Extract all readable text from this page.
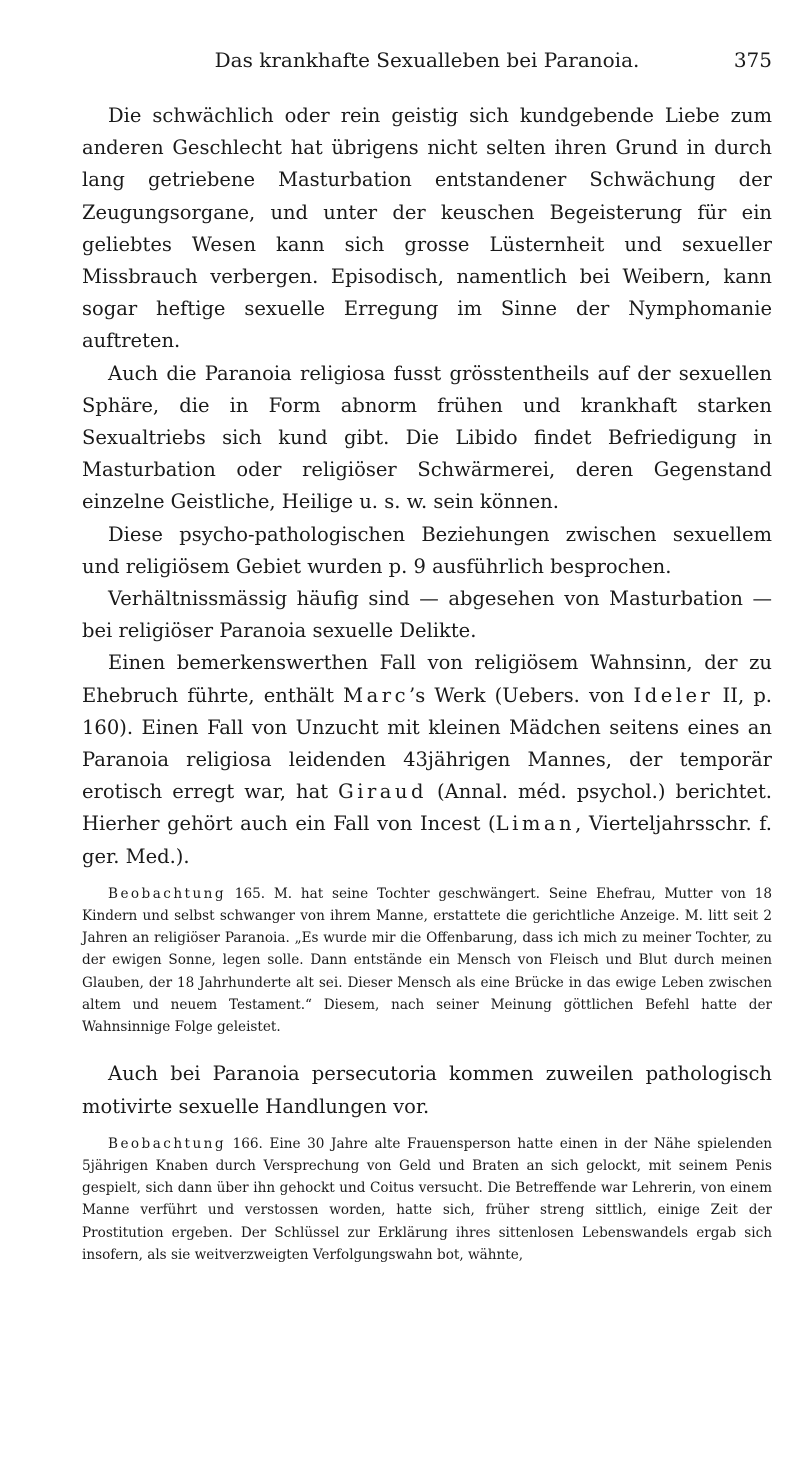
Das krankhafte Sexualleben bei Paranoia.	375

Die schwächlich oder rein geistig sich kundgebende Liebe zum anderen Geschlecht hat übrigens nicht selten ihren Grund in durch lang getriebene Masturbation entstandener Schwächung der Zeugungsorgane, und unter der keuschen Begeisterung für ein geliebtes Wesen kann sich grosse Lüsternheit und sexueller Missbrauch verbergen. Episodisch, namentlich bei Weibern, kann sogar heftige sexuelle Erregung im Sinne der Nymphomanie auftreten.

Auch die Paranoia religiosa fusst grösstentheils auf der sexuellen Sphäre, die in Form abnorm frühen und krankhaft starken Sexualtriebs sich kund gibt. Die Libido findet Befriedigung in Masturbation oder religiöser Schwärmerei, deren Gegenstand einzelne Geistliche, Heilige u. s. w. sein können.

Diese psycho-pathologischen Beziehungen zwischen sexuellem und religiösem Gebiet wurden p. 9 ausführlich besprochen.

Verhältnissmässig häufig sind — abgesehen von Masturbation — bei religiöser Paranoia sexuelle Delikte.

Einen bemerkenswerthen Fall von religiösem Wahnsinn, der zu Ehebruch führte, enthält Marc’s Werk (Uebers. von Ideler II, p. 160). Einen Fall von Unzucht mit kleinen Mädchen seitens eines an Paranoia religiosa leidenden 43jährigen Mannes, der temporär erotisch erregt war, hat Giraud (Annal. méd. psychol.) berichtet. Hierher gehört auch ein Fall von Incest (Liman, Vierteljahrsschr. f. ger. Med.).

Beobachtung 165. M. hat seine Tochter geschwängert. Seine Ehefrau, Mutter von 18 Kindern und selbst schwanger von ihrem Manne, erstattete die gerichtliche Anzeige. M. litt seit 2 Jahren an religiöser Paranoia. „Es wurde mir die Offenbarung, dass ich mich zu meiner Tochter, zu der ewigen Sonne, legen solle. Dann entstände ein Mensch von Fleisch und Blut durch meinen Glauben, der 18 Jahrhunderte alt sei. Dieser Mensch als eine Brücke in das ewige Leben zwischen altem und neuem Testament.“ Diesem, nach seiner Meinung göttlichen Befehl hatte der Wahnsinnige Folge geleistet.

Auch bei Paranoia persecutoria kommen zuweilen pathologisch motivirte sexuelle Handlungen vor.

Beobachtung 166. Eine 30 Jahre alte Frauensperson hatte einen in der Nähe spielenden 5jährigen Knaben durch Versprechung von Geld und Braten an sich gelockt, mit seinem Penis gespielt, sich dann über ihn gehockt und Coitus versucht. Die Betreffende war Lehrerin, von einem Manne verführt und verstossen worden, hatte sich, früher streng sittlich, einige Zeit der Prostitution ergeben. Der Schlüssel zur Erklärung ihres sittenlosen Lebenswandels ergab sich insofern, als sie weitverzweigten Verfolgungswahn bot, wähnte,
